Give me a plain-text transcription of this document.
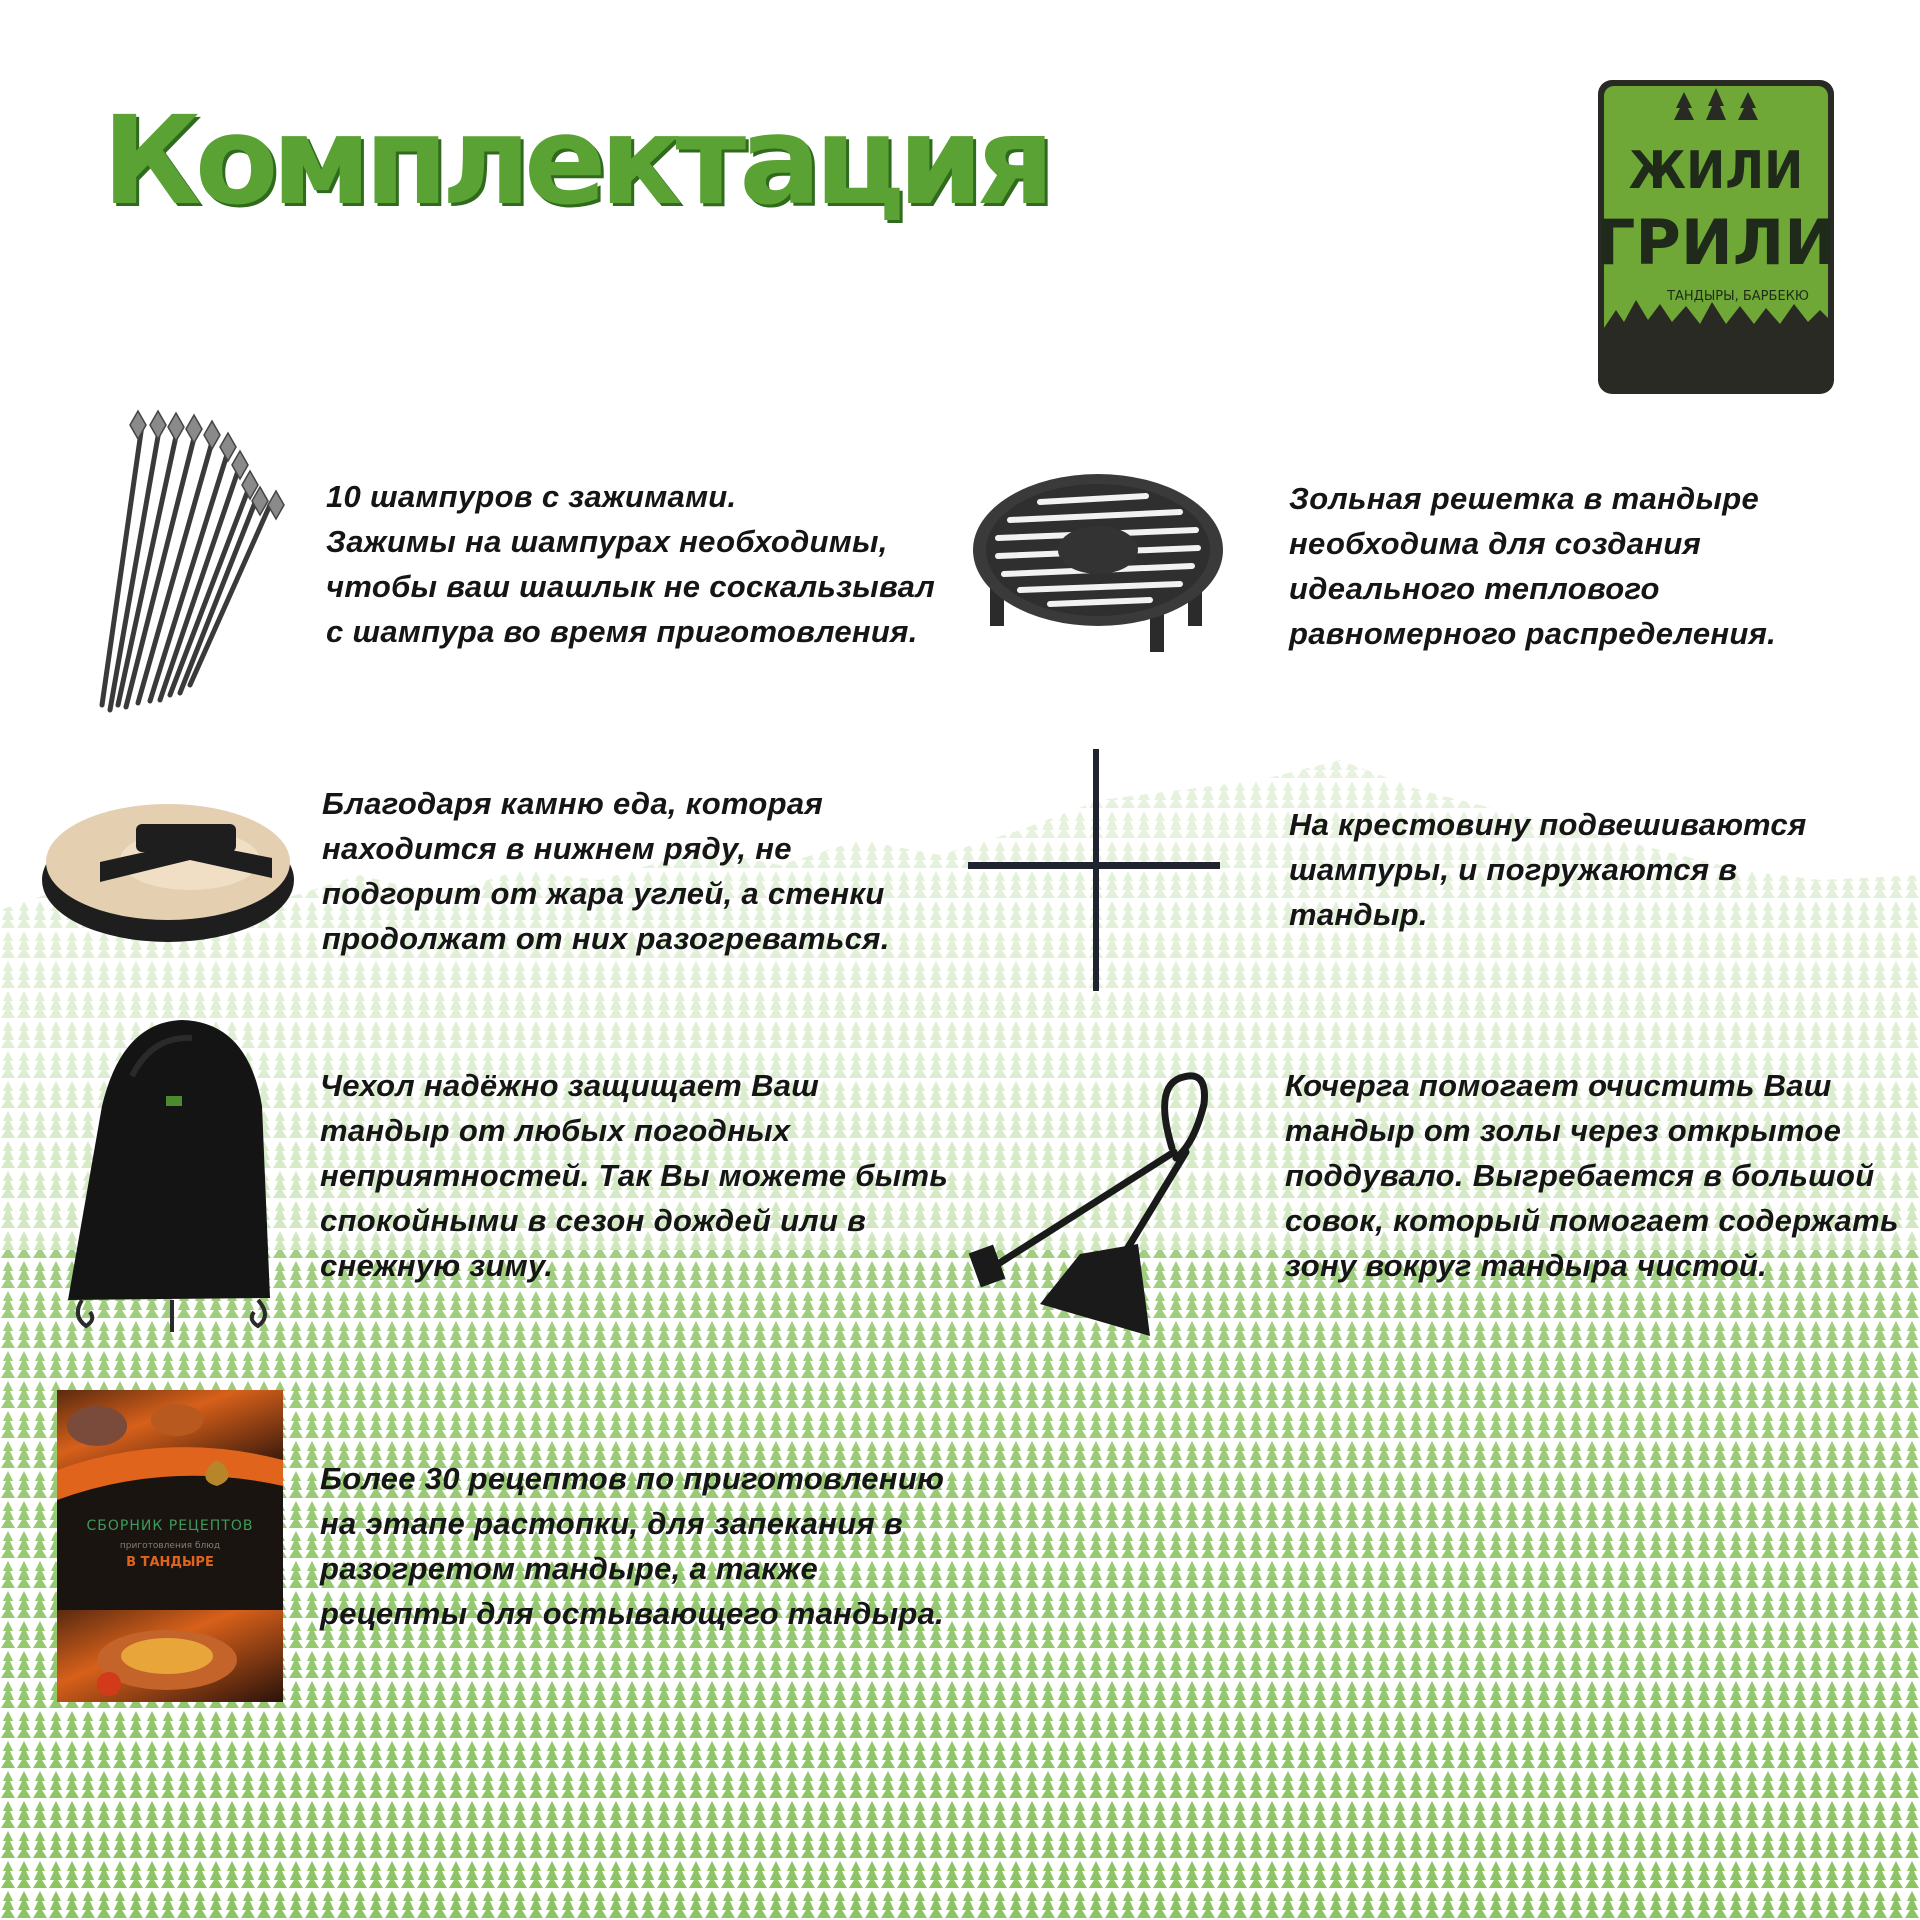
Комплектация	ЖИЛИ
ГРИЛИ
ТАНДЫРЫ, БАРБЕКЮ
10 шампуров с зажимами.
Зажимы на шампурах необходимы,
чтобы ваш шашлык не соскальзывал
с шампура во время приготовления.
Зольная решетка в тандыре
необходима для создания
идеального теплового
равномерного распределения.
Благодаря камню еда, которая
находится в нижнем ряду, не
подгорит от жара углей, а стенки
продолжат от них разогреваться.
На крестовину подвешиваются
шампуры, и погружаются в
тандыр.
Чехол надёжно защищает Ваш
тандыр от любых погодных
неприятностей. Так Вы можете быть
спокойными в сезон дождей или в
снежную зиму.
Кочерга помогает очистить Ваш
тандыр от золы через открытое
поддувало. Выгребается в большой
совок, который помогает содержать
зону вокруг тандыра чистой.
СБОРНИК РЕЦЕПТОВ
приготовления блюд
В ТАНДЫРЕ
Более 30 рецептов по приготовлению
на этапе растопки, для запекания в
разогретом тандыре, а также
рецепты для остывающего тандыра.
